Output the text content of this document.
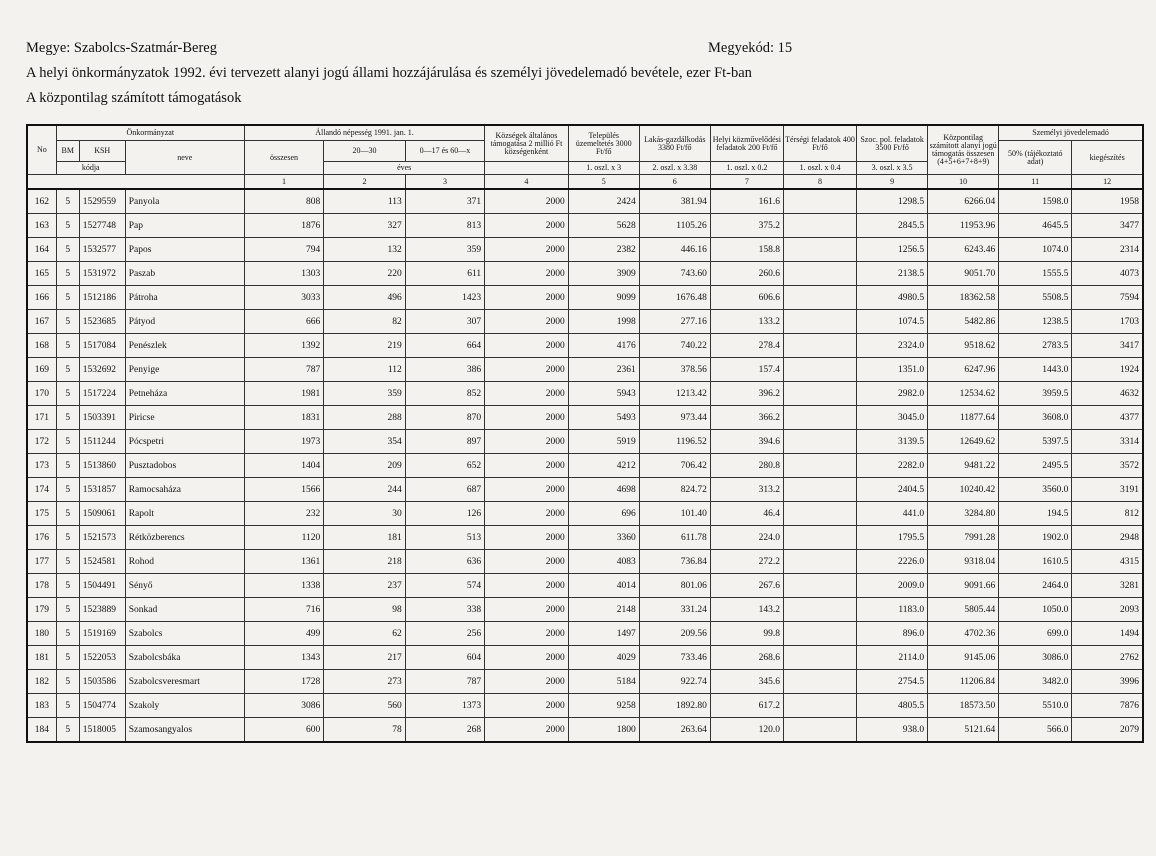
Megye: Szabolcs-Szatmár-Bereg	Megyekód: 15
A helyi önkormányzatok 1992. évi tervezett alanyi jogú állami hozzájárulása és személyi jövedelemadó bevétele, ezer Ft-ban
A központilag számított támogatások
No	Önkormányzat			Állandó népesség 1991. jan. 1.			Községek általános támogatása 2 millió Ft községenként	Település üzemeltetés 3000 Ft/fő	Lakás-gazdálkodás 3380 Ft/fő	Helyi közművelődési feladatok 200 Ft/fő	Térségi feladatok 400 Ft/fő	Szoc. pol. feladatok 3500 Ft/fő	Központilag számított alanyi jogú támogatás összesen (4+5+6+7+8+9)	Személyi jövedelemadó	
	BM	KSH	neve	összesen	20—30	0—17 és 60—x								50% (tájékoztató adat)	kiegészítés
	kódja				éves			1. oszl. x 3	2. oszl. x 3.38	1. oszl. x 0.2	1. oszl. x 0.4	3. oszl. x 3.5			
				1	2	3	4	5	6	7	8	9	10	11	12
162	5	1529559	Panyola	808	113	371	2000	2424	381.94	161.6		1298.5	6266.04	1598.0	1958
163	5	1527748	Pap	1876	327	813	2000	5628	1105.26	375.2		2845.5	11953.96	4645.5	3477
164	5	1532577	Papos	794	132	359	2000	2382	446.16	158.8		1256.5	6243.46	1074.0	2314
165	5	1531972	Paszab	1303	220	611	2000	3909	743.60	260.6		2138.5	9051.70	1555.5	4073
166	5	1512186	Pátroha	3033	496	1423	2000	9099	1676.48	606.6		4980.5	18362.58	5508.5	7594
167	5	1523685	Pátyod	666	82	307	2000	1998	277.16	133.2		1074.5	5482.86	1238.5	1703
168	5	1517084	Penészlek	1392	219	664	2000	4176	740.22	278.4		2324.0	9518.62	2783.5	3417
169	5	1532692	Penyige	787	112	386	2000	2361	378.56	157.4		1351.0	6247.96	1443.0	1924
170	5	1517224	Petneháza	1981	359	852	2000	5943	1213.42	396.2		2982.0	12534.62	3959.5	4632
171	5	1503391	Piricse	1831	288	870	2000	5493	973.44	366.2		3045.0	11877.64	3608.0	4377
172	5	1511244	Pócspetri	1973	354	897	2000	5919	1196.52	394.6		3139.5	12649.62	5397.5	3314
173	5	1513860	Pusztadobos	1404	209	652	2000	4212	706.42	280.8		2282.0	9481.22	2495.5	3572
174	5	1531857	Ramocsaháza	1566	244	687	2000	4698	824.72	313.2		2404.5	10240.42	3560.0	3191
175	5	1509061	Rapolt	232	30	126	2000	696	101.40	46.4		441.0	3284.80	194.5	812
176	5	1521573	Rétközberencs	1120	181	513	2000	3360	611.78	224.0		1795.5	7991.28	1902.0	2948
177	5	1524581	Rohod	1361	218	636	2000	4083	736.84	272.2		2226.0	9318.04	1610.5	4315
178	5	1504491	Sényő	1338	237	574	2000	4014	801.06	267.6		2009.0	9091.66	2464.0	3281
179	5	1523889	Sonkad	716	98	338	2000	2148	331.24	143.2		1183.0	5805.44	1050.0	2093
180	5	1519169	Szabolcs	499	62	256	2000	1497	209.56	99.8		896.0	4702.36	699.0	1494
181	5	1522053	Szabolcsbáka	1343	217	604	2000	4029	733.46	268.6		2114.0	9145.06	3086.0	2762
182	5	1503586	Szabolcsveresmart	1728	273	787	2000	5184	922.74	345.6		2754.5	11206.84	3482.0	3996
183	5	1504774	Szakoly	3086	560	1373	2000	9258	1892.80	617.2		4805.5	18573.50	5510.0	7876
184	5	1518005	Szamosangyalos	600	78	268	2000	1800	263.64	120.0		938.0	5121.64	566.0	2079
